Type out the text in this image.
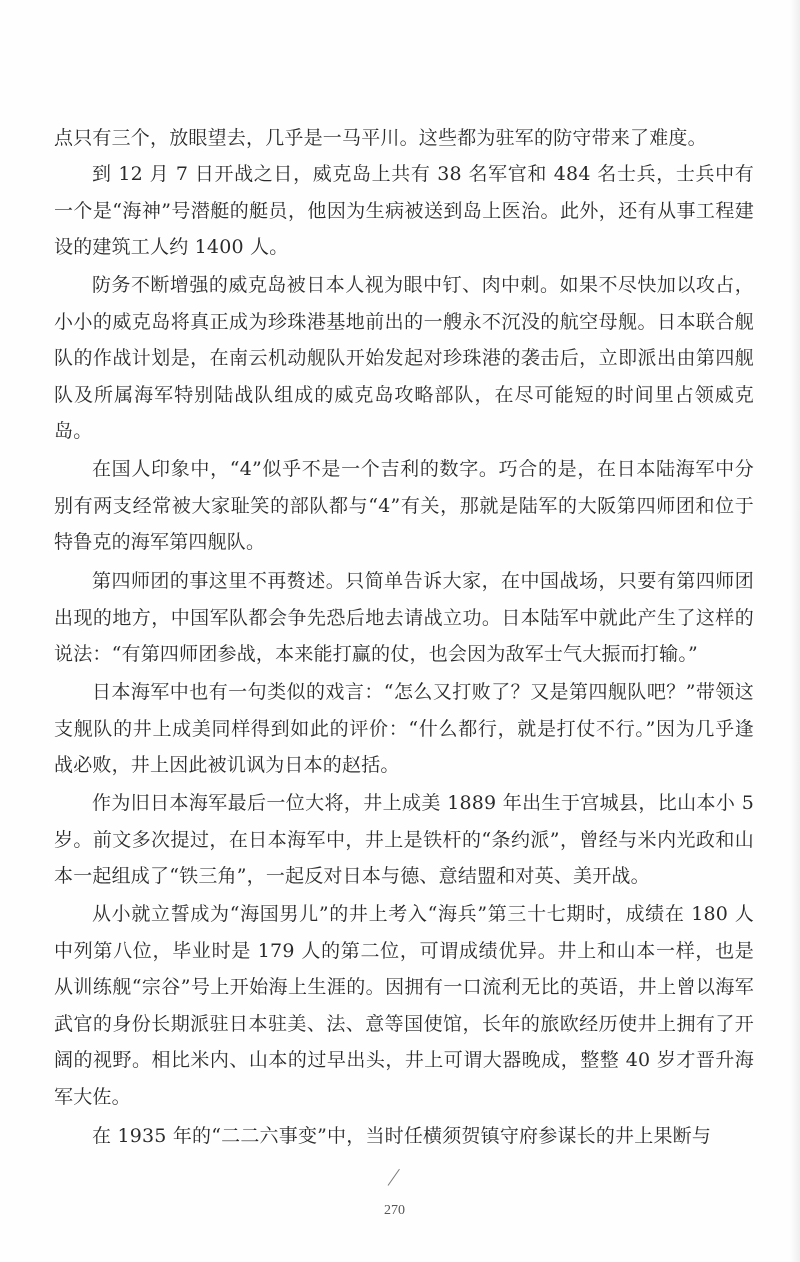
点只有三个，放眼望去，几乎是一马平川。这些都为驻军的防守带来了难度。

到 12 月 7 日开战之日，威克岛上共有 38 名军官和 484 名士兵，士兵中有一个是“海神”号潜艇的艇员，他因为生病被送到岛上医治。此外，还有从事工程建设的建筑工人约 1400 人。

防务不断增强的威克岛被日本人视为眼中钉、肉中刺。如果不尽快加以攻占，小小的威克岛将真正成为珍珠港基地前出的一艘永不沉没的航空母舰。日本联合舰队的作战计划是，在南云机动舰队开始发起对珍珠港的袭击后，立即派出由第四舰队及所属海军特别陆战队组成的威克岛攻略部队，在尽可能短的时间里占领威克岛。

在国人印象中，“4”似乎不是一个吉利的数字。巧合的是，在日本陆海军中分别有两支经常被大家耻笑的部队都与“4”有关，那就是陆军的大阪第四师团和位于特鲁克的海军第四舰队。

第四师团的事这里不再赘述。只简单告诉大家，在中国战场，只要有第四师团出现的地方，中国军队都会争先恐后地去请战立功。日本陆军中就此产生了这样的说法：“有第四师团参战，本来能打赢的仗，也会因为敌军士气大振而打输。”

日本海军中也有一句类似的戏言：“怎么又打败了？又是第四舰队吧？”带领这支舰队的井上成美同样得到如此的评价：“什么都行，就是打仗不行。”因为几乎逢战必败，井上因此被讥讽为日本的赵括。

作为旧日本海军最后一位大将，井上成美 1889 年出生于宫城县，比山本小 5 岁。前文多次提过，在日本海军中，井上是铁杆的“条约派”，曾经与米内光政和山本一起组成了“铁三角”，一起反对日本与德、意结盟和对英、美开战。

从小就立誓成为“海国男儿”的井上考入“海兵”第三十七期时，成绩在 180 人中列第八位，毕业时是 179 人的第二位，可谓成绩优异。井上和山本一样，也是从训练舰“宗谷”号上开始海上生涯的。因拥有一口流利无比的英语，井上曾以海军武官的身份长期派驻日本驻美、法、意等国使馆，长年的旅欧经历使井上拥有了开阔的视野。相比米内、山本的过早出头，井上可谓大器晚成，整整 40 岁才晋升海军大佐。

在 1935 年的“二二六事变”中，当时任横须贺镇守府参谋长的井上果断与

270
